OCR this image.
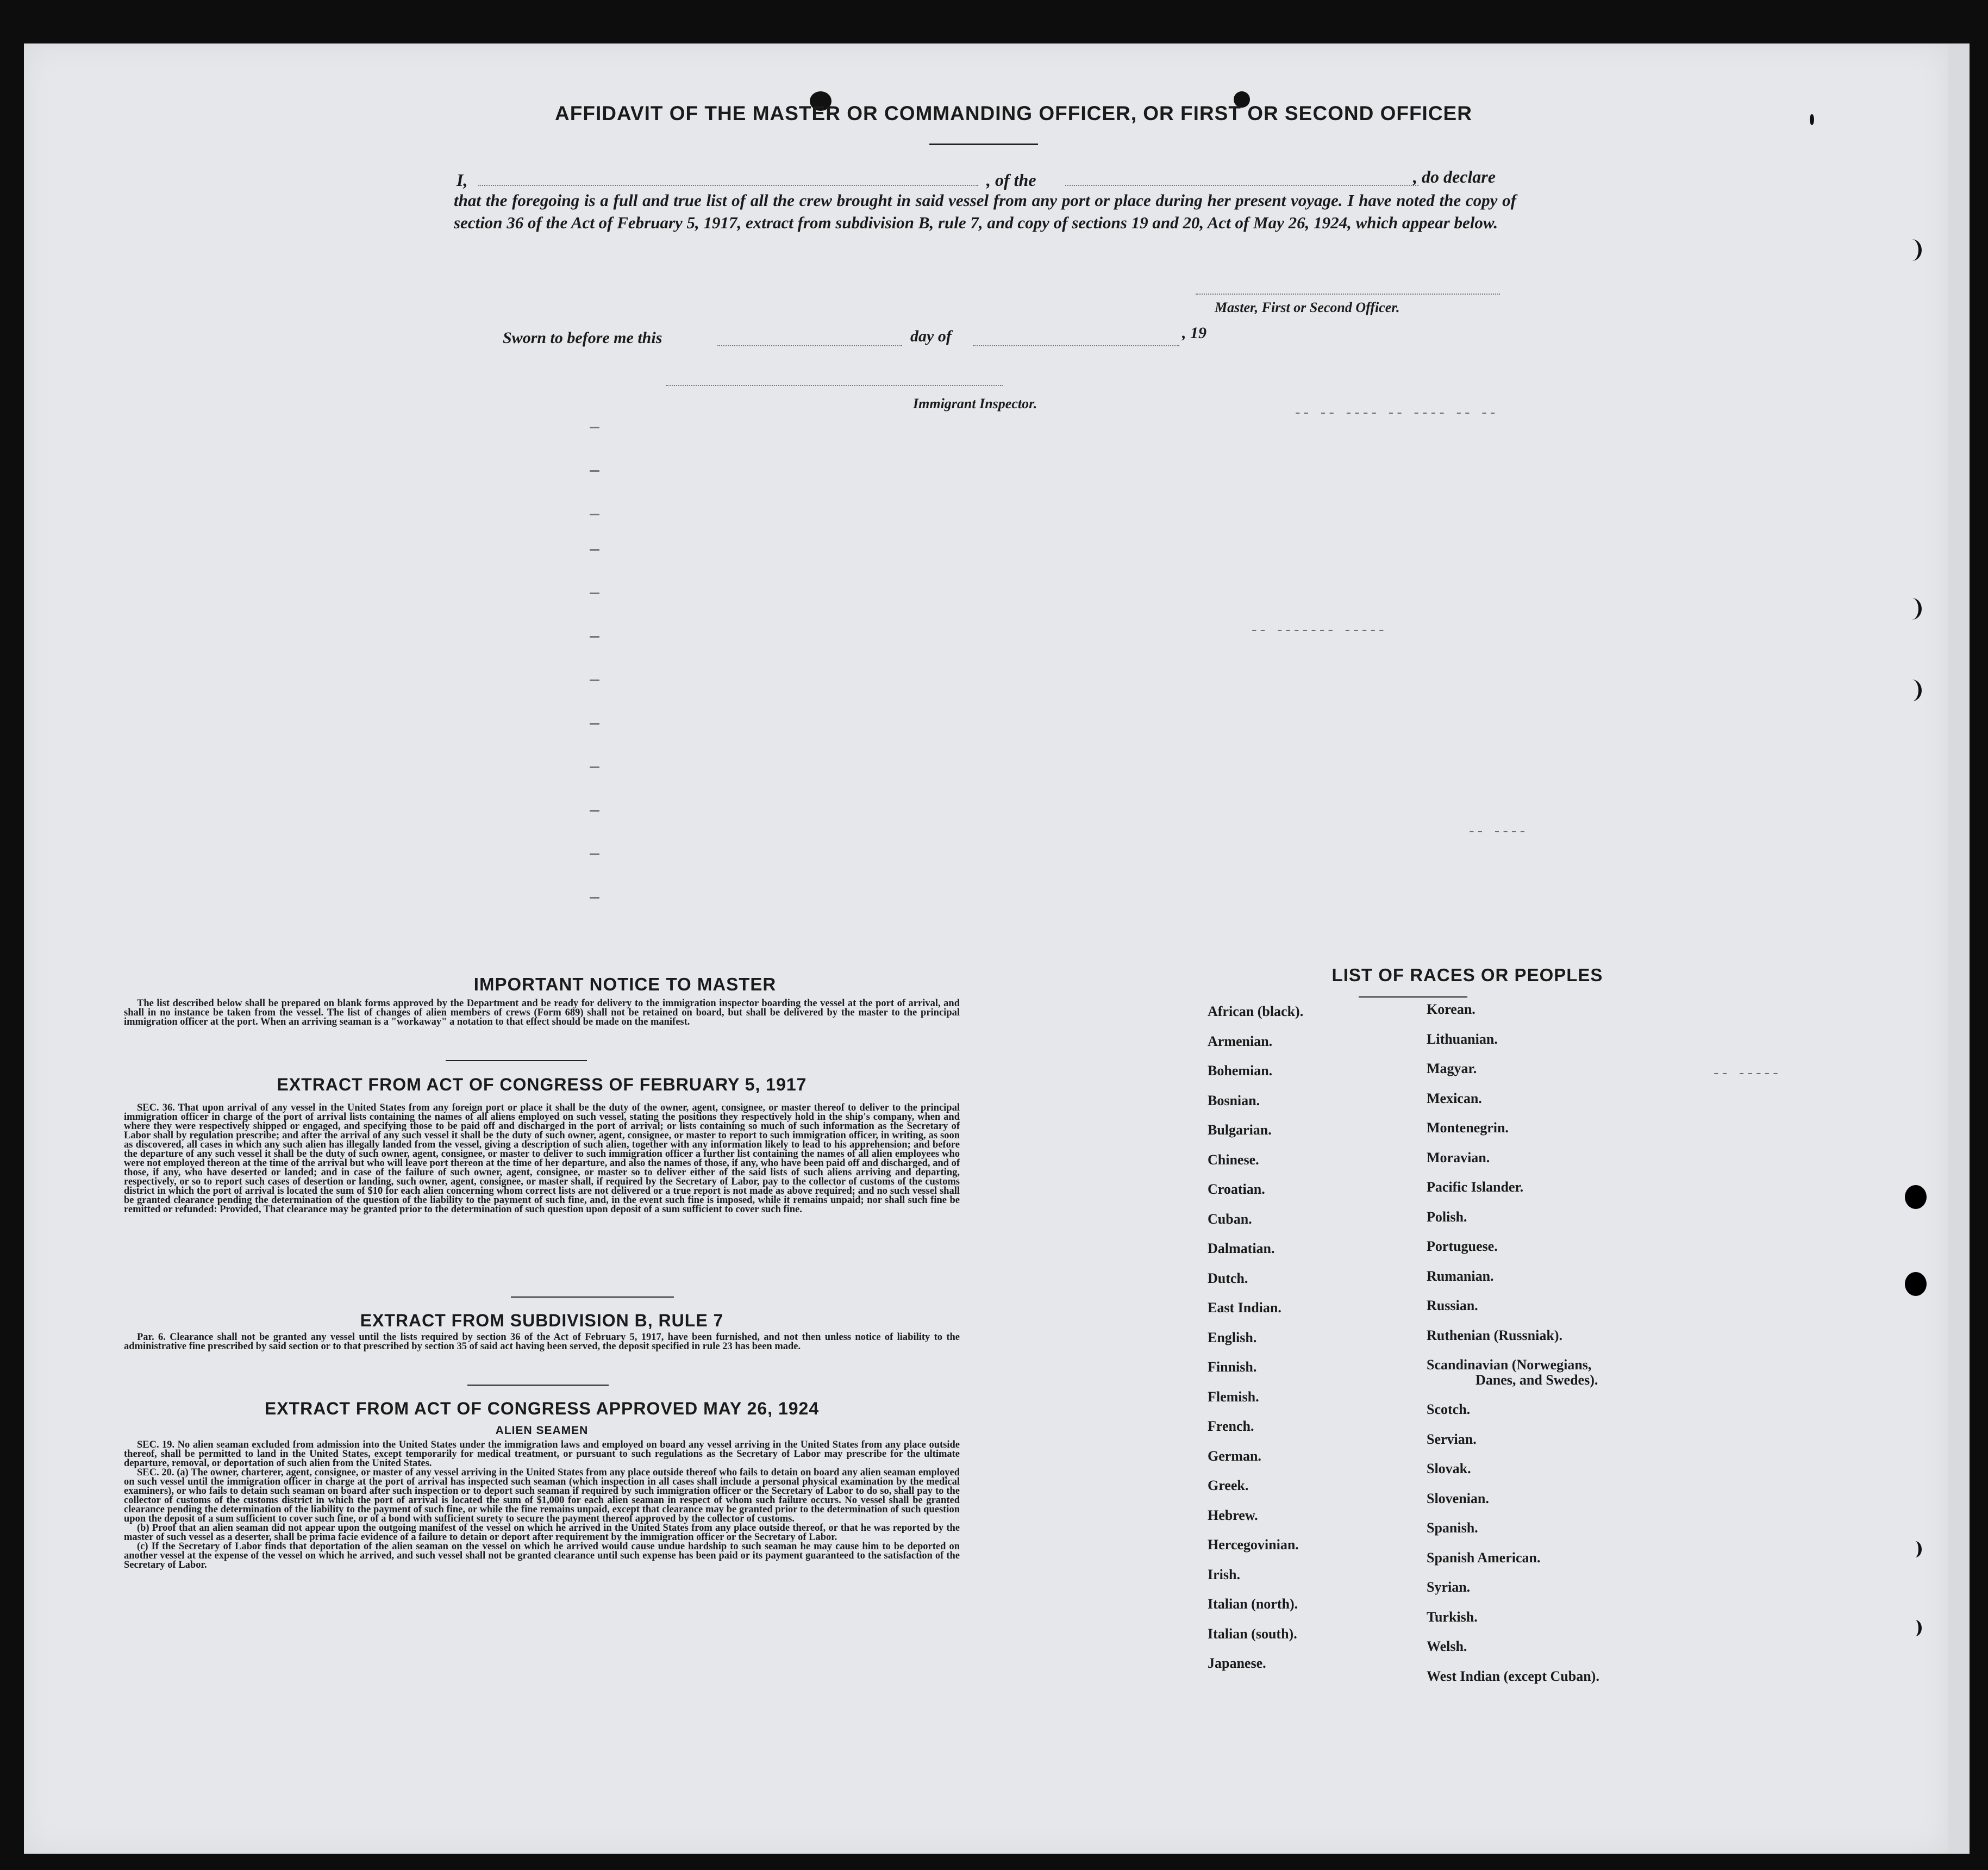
-- -- ---- -- ---- -- --
-- ------- -----
-- ----
-- -----
AFFIDAVIT OF THE MASTER OR COMMANDING OFFICER, OR FIRST OR SECOND OFFICER
I,	, of the	, do declare
that the foregoing is a full and true list of all the crew brought in said vessel from any port or place during her present voyage. I have noted the copy of section 36 of the Act of February 5, 1917, extract from subdivision B, rule 7, and copy of sections 19 and 20, Act of May 26, 1924, which appear below.
Master, First or Second Officer.
Sworn to before me this	day of	, 19
Immigrant Inspector.
IMPORTANT NOTICE TO MASTER

The list described below shall be prepared on blank forms approved by the Department and be ready for delivery to the immigration inspector boarding the vessel at the port of arrival, and shall in no instance be taken from the vessel. The list of changes of alien members of crews (Form 689) shall not be retained on board, but shall be delivered by the master to the principal immigration officer at the port. When an arriving seaman is a "workaway" a notation to that effect should be made on the manifest.

EXTRACT FROM ACT OF CONGRESS OF FEBRUARY 5, 1917

SEC. 36. That upon arrival of any vessel in the United States from any foreign port or place it shall be the duty of the owner, agent, consignee, or master thereof to deliver to the principal immigration officer in charge of the port of arrival lists containing the names of all aliens employed on such vessel, stating the positions they respectively hold in the ship's company, when and where they were respectively shipped or engaged, and specifying those to be paid off and discharged in the port of arrival; or lists containing so much of such information as the Secretary of Labor shall by regulation prescribe; and after the arrival of any such vessel it shall be the duty of such owner, agent, consignee, or master to report to such immigration officer, in writing, as soon as discovered, all cases in which any such alien has illegally landed from the vessel, giving a description of such alien, together with any information likely to lead to his apprehension; and before the departure of any such vessel it shall be the duty of such owner, agent, consignee, or master to deliver to such immigration officer a further list containing the names of all alien employees who were not employed thereon at the time of the arrival but who will leave port thereon at the time of her departure, and also the names of those, if any, who have been paid off and discharged, and of those, if any, who have deserted or landed; and in case of the failure of such owner, agent, consignee, or master so to deliver either of the said lists of such aliens arriving and departing, respectively, or so to report such cases of desertion or landing, such owner, agent, consignee, or master shall, if required by the Secretary of Labor, pay to the collector of customs of the customs district in which the port of arrival is located the sum of $10 for each alien concerning whom correct lists are not delivered or a true report is not made as above required; and no such vessel shall be granted clearance pending the determination of the question of the liability to the payment of such fine, and, in the event such fine is imposed, while it remains unpaid; nor shall such fine be remitted or refunded: Provided, That clearance may be granted prior to the determination of such question upon deposit of a sum sufficient to cover such fine.

EXTRACT FROM SUBDIVISION B, RULE 7

Par. 6. Clearance shall not be granted any vessel until the lists required by section 36 of the Act of February 5, 1917, have been furnished, and not then unless notice of liability to the administrative fine prescribed by said section or to that prescribed by section 35 of said act having been served, the deposit specified in rule 23 has been made.

EXTRACT FROM ACT OF CONGRESS APPROVED MAY 26, 1924
ALIEN SEAMEN

SEC. 19. No alien seaman excluded from admission into the United States under the immigration laws and employed on board any vessel arriving in the United States from any place outside thereof, shall be permitted to land in the United States, except temporarily for medical treatment, or pursuant to such regulations as the Secretary of Labor may prescribe for the ultimate departure, removal, or deportation of such alien from the United States.

SEC. 20. (a) The owner, charterer, agent, consignee, or master of any vessel arriving in the United States from any place outside thereof who fails to detain on board any alien seaman employed on such vessel until the immigration officer in charge at the port of arrival has inspected such seaman (which inspection in all cases shall include a personal physical examination by the medical examiners), or who fails to detain such seaman on board after such inspection or to deport such seaman if required by such immigration officer or the Secretary of Labor to do so, shall pay to the collector of customs of the customs district in which the port of arrival is located the sum of $1,000 for each alien seaman in respect of whom such failure occurs. No vessel shall be granted clearance pending the determination of the liability to the payment of such fine, or while the fine remains unpaid, except that clearance may be granted prior to the determination of such question upon the deposit of a sum sufficient to cover such fine, or of a bond with sufficient surety to secure the payment thereof approved by the collector of customs.

(b) Proof that an alien seaman did not appear upon the outgoing manifest of the vessel on which he arrived in the United States from any place outside thereof, or that he was reported by the master of such vessel as a deserter, shall be prima facie evidence of a failure to detain or deport after requirement by the immigration officer or the Secretary of Labor.

(c) If the Secretary of Labor finds that deportation of the alien seaman on the vessel on which he arrived would cause undue hardship to such seaman he may cause him to be deported on another vessel at the expense of the vessel on which he arrived, and such vessel shall not be granted clearance until such expense has been paid or its payment guaranteed to the satisfaction of the Secretary of Labor.

LIST OF RACES OR PEOPLES
African (black).
Armenian.
Bohemian.
Bosnian.
Bulgarian.
Chinese.
Croatian.
Cuban.
Dalmatian.
Dutch.
East Indian.
English.
Finnish.
Flemish.
French.
German.
Greek.
Hebrew.
Hercegovinian.
Irish.
Italian (north).
Italian (south).
Japanese.
Korean.
Lithuanian.
Magyar.
Mexican.
Montenegrin.
Moravian.
Pacific Islander.
Polish.
Portuguese.
Rumanian.
Russian.
Ruthenian (Russniak).
Scandinavian (Norwegians,
Danes, and Swedes).
Scotch.
Servian.
Slovak.
Slovenian.
Spanish.
Spanish American.
Syrian.
Turkish.
Welsh.
West Indian (except Cuban).
